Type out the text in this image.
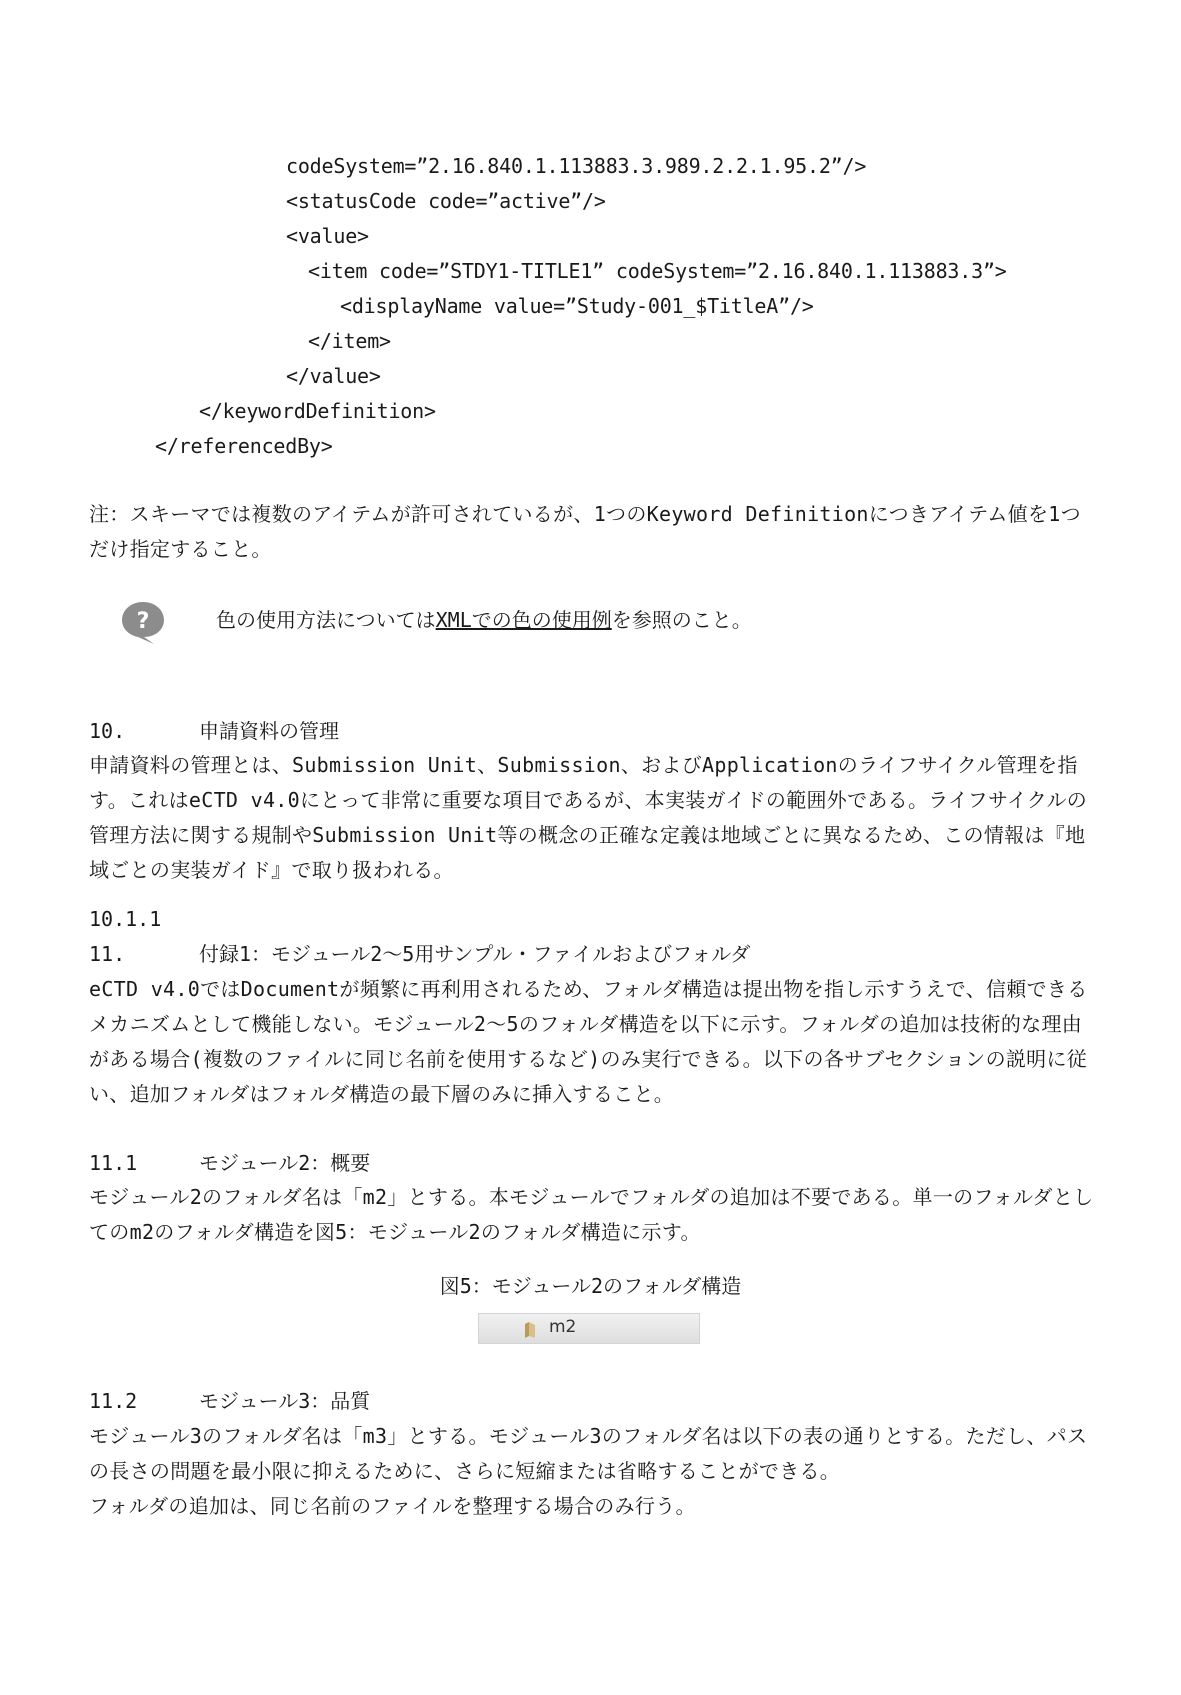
codeSystem=”2.16.840.1.113883.3.989.2.2.1.95.2”/>
<statusCode code=”active”/>
<value>
<item code=”STDY1-TITLE1” codeSystem=”2.16.840.1.113883.3”>
<displayName value=”Study-001_$TitleA”/>
</item>
</value>
</keywordDefinition>
</referencedBy>
注：スキーマでは複数のアイテムが許可されているが、1つのKeyword Definitionにつきアイテム値を1つだけ指定すること。
?	色の使用方法についてはXMLでの色の使用例を参照のこと。
10.	申請資料の管理
申請資料の管理とは、Submission Unit、Submission、およびApplicationのライフサイクル管理を指す。これはeCTD v4.0にとって非常に重要な項目であるが、本実装ガイドの範囲外である。ライフサイクルの管理方法に関する規制やSubmission Unit等の概念の正確な定義は地域ごとに異なるため、この情報は『地域ごとの実装ガイド』で取り扱われる。
10.1.1
11.	付録1：モジュール2～5用サンプル・ファイルおよびフォルダ
eCTD v4.0ではDocumentが頻繁に再利用されるため、フォルダ構造は提出物を指し示すうえで、信頼できるメカニズムとして機能しない。モジュール2～5のフォルダ構造を以下に示す。フォルダの追加は技術的な理由がある場合(複数のファイルに同じ名前を使用するなど)のみ実行できる。以下の各サブセクションの説明に従い、追加フォルダはフォルダ構造の最下層のみに挿入すること。
11.1	モジュール2：概要
モジュール2のフォルダ名は「m2」とする。本モジュールでフォルダの追加は不要である。単一のフォルダとしてのm2のフォルダ構造を図5：モジュール2のフォルダ構造に示す。
図5：モジュール2のフォルダ構造
m2
11.2	モジュール3：品質
モジュール3のフォルダ名は「m3」とする。モジュール3のフォルダ名は以下の表の通りとする。ただし、パスの長さの問題を最小限に抑えるために、さらに短縮または省略することができる。
フォルダの追加は、同じ名前のファイルを整理する場合のみ行う。
